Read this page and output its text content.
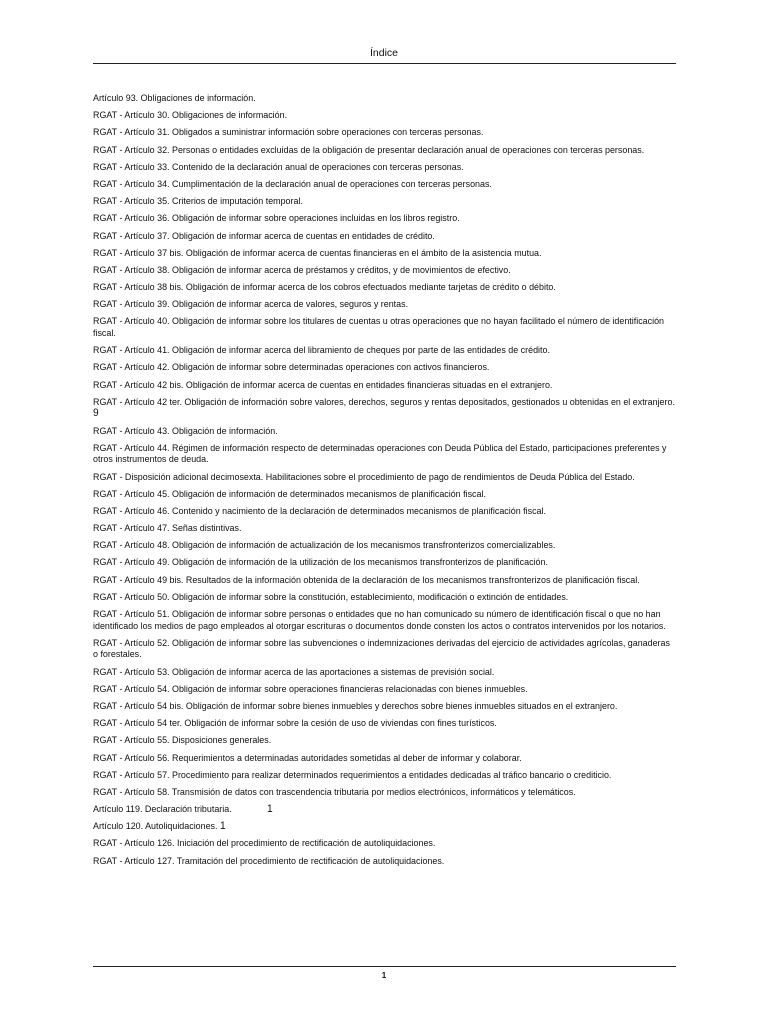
Índice
Artículo 93. Obligaciones de información.
RGAT - Artículo 30. Obligaciones de información.
RGAT - Artículo 31. Obligados a suministrar información sobre operaciones con terceras personas.
RGAT - Artículo 32. Personas o entidades excluidas de la obligación de presentar declaración anual de operaciones con terceras personas.
RGAT - Artículo 33. Contenido de la declaración anual de operaciones con terceras personas.
RGAT - Artículo 34. Cumplimentación de la declaración anual de operaciones con terceras personas.
RGAT - Artículo 35. Criterios de imputación temporal.
RGAT - Artículo 36. Obligación de informar sobre operaciones incluidas en los libros registro.
RGAT - Artículo 37. Obligación de informar acerca de cuentas en entidades de crédito.
RGAT - Artículo 37 bis. Obligación de informar acerca de cuentas financieras en el ámbito de la asistencia mutua.
RGAT - Artículo 38. Obligación de informar acerca de préstamos y créditos, y de movimientos de efectivo.
RGAT - Artículo 38 bis. Obligación de informar acerca de los cobros efectuados mediante tarjetas de crédito o débito.
RGAT - Artículo 39. Obligación de informar acerca de valores, seguros y rentas.
RGAT - Artículo 40. Obligación de informar sobre los titulares de cuentas u otras operaciones que no hayan facilitado el número de identificación fiscal.
RGAT - Artículo 41. Obligación de informar acerca del libramiento de cheques por parte de las entidades de crédito.
RGAT - Artículo 42. Obligación de informar sobre determinadas operaciones con activos financieros.
RGAT - Artículo 42 bis. Obligación de informar acerca de cuentas en entidades financieras situadas en el extranjero.
RGAT - Artículo 42 ter. Obligación de información sobre valores, derechos, seguros y rentas depositados, gestionados u obtenidas en el extranjero. 9
RGAT - Artículo 43. Obligación de información.
RGAT - Artículo 44. Régimen de información respecto de determinadas operaciones con Deuda Pública del Estado, participaciones preferentes y otros instrumentos de deuda.
RGAT - Disposición adicional decimosexta. Habilitaciones sobre el procedimiento de pago de rendimientos de Deuda Pública del Estado.
RGAT - Artículo 45. Obligación de información de determinados mecanismos de planificación fiscal.
RGAT - Artículo 46. Contenido y nacimiento de la declaración de determinados mecanismos de planificación fiscal.
RGAT - Artículo 47. Señas distintivas.
RGAT - Artículo 48. Obligación de información de actualización de los mecanismos transfronterizos comercializables.
RGAT - Artículo 49. Obligación de información de la utilización de los mecanismos transfronterizos de planificación.
RGAT - Artículo 49 bis. Resultados de la información obtenida de la declaración de los mecanismos transfronterizos de planificación fiscal.
RGAT - Artículo 50. Obligación de informar sobre la constitución, establecimiento, modificación o extinción de entidades.
RGAT - Artículo 51. Obligación de informar sobre personas o entidades que no han comunicado su número de identificación fiscal o que no han identificado los medios de pago empleados al otorgar escrituras o documentos donde consten los actos o contratos intervenidos por los notarios.
RGAT - Artículo 52. Obligación de informar sobre las subvenciones o indemnizaciones derivadas del ejercicio de actividades agrícolas, ganaderas o forestales.
RGAT - Artículo 53. Obligación de informar acerca de las aportaciones a sistemas de previsión social.
RGAT - Artículo 54. Obligación de informar sobre operaciones financieras relacionadas con bienes inmuebles.
RGAT - Artículo 54 bis. Obligación de informar sobre bienes inmuebles y derechos sobre bienes inmuebles situados en el extranjero.
RGAT - Artículo 54 ter. Obligación de informar sobre la cesión de uso de viviendas con fines turísticos.
RGAT - Artículo 55. Disposiciones generales.
RGAT - Artículo 56. Requerimientos a determinadas autoridades sometidas al deber de informar y colaborar.
RGAT - Artículo 57. Procedimiento para realizar determinados requerimientos a entidades dedicadas al tráfico bancario o crediticio.
RGAT - Artículo 58. Transmisión de datos con trascendencia tributaria por medios electrónicos, informáticos y telemáticos.
Artículo 119. Declaración tributaria.	1
Artículo 120. Autoliquidaciones. 1
RGAT - Artículo 126. Iniciación del procedimiento de rectificación de autoliquidaciones.
RGAT - Artículo 127. Tramitación del procedimiento de rectificación de autoliquidaciones.
1
